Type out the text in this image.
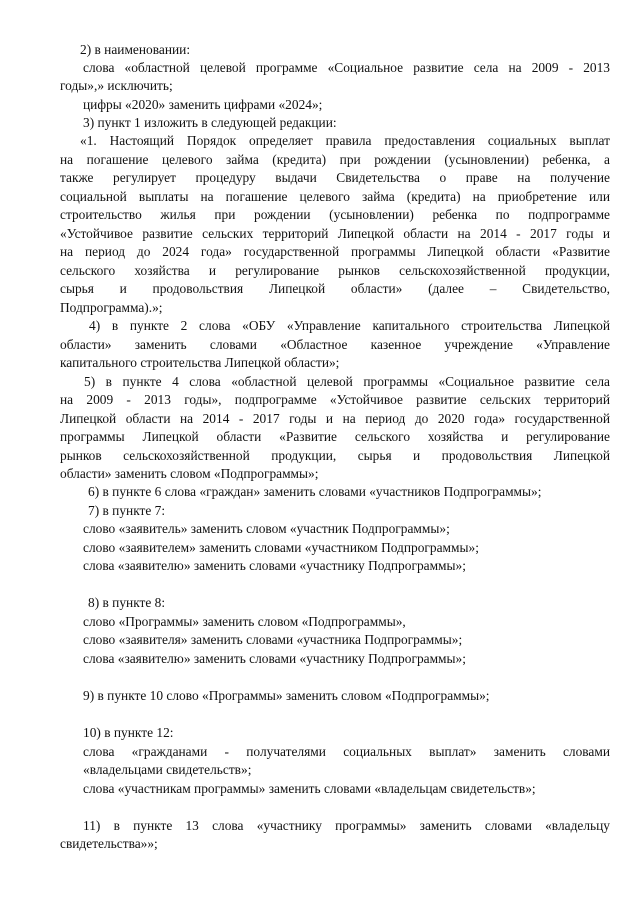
2) в наименовании:
слова «областной целевой программе «Социальное развитие села на 2009 - 2013
годы»,» исключить;
цифры «2020» заменить цифрами «2024»;
3) пункт 1 изложить в следующей редакции:
«1. Настоящий Порядок определяет правила предоставления социальных выплат
на погашение целевого займа (кредита) при рождении (усыновлении) ребенка, а
также регулирует процедуру выдачи Свидетельства о праве на получение
социальной выплаты на погашение целевого займа (кредита) на приобретение или
строительство жилья при рождении (усыновлении) ребенка по подпрограмме
«Устойчивое развитие сельских территорий Липецкой области на 2014 - 2017 годы и
на период до 2024 года» государственной программы Липецкой области «Развитие
сельского хозяйства и регулирование рынков сельскохозяйственной продукции,
сырья и продовольствия Липецкой области» (далее – Свидетельство,
Подпрограмма).»;
4) в пункте 2 слова «ОБУ «Управление капитального строительства Липецкой
области» заменить словами «Областное казенное учреждение «Управление
капитального строительства Липецкой области»;
5) в пункте 4 слова «областной целевой программы «Социальное развитие села
на 2009 - 2013 годы», подпрограмме «Устойчивое развитие сельских территорий
Липецкой области на 2014 - 2017 годы и на период до 2020 года» государственной
программы Липецкой области «Развитие сельского хозяйства и регулирование
рынков сельскохозяйственной продукции, сырья и продовольствия Липецкой
области» заменить словом «Подпрограммы»;
6) в пункте 6 слова «граждан» заменить словами «участников Подпрограммы»;
7) в пункте 7:
слово «заявитель» заменить словом «участник Подпрограммы»;
слово «заявителем» заменить словами «участником Подпрограммы»;
слова «заявителю» заменить словами «участнику Подпрограммы»;
8) в пункте 8:
слово «Программы» заменить словом «Подпрограммы»,
слово «заявителя» заменить словами «участника Подпрограммы»;
слова «заявителю» заменить словами «участнику Подпрограммы»;
9) в пункте 10 слово «Программы» заменить словом «Подпрограммы»;
10) в пункте 12:
слова «гражданами - получателями социальных выплат» заменить словами
«владельцами свидетельств»;
слова «участникам программы» заменить словами «владельцам свидетельств»;
11) в пункте 13 слова «участнику программы» заменить словами «владельцу
свидетельства»»;
